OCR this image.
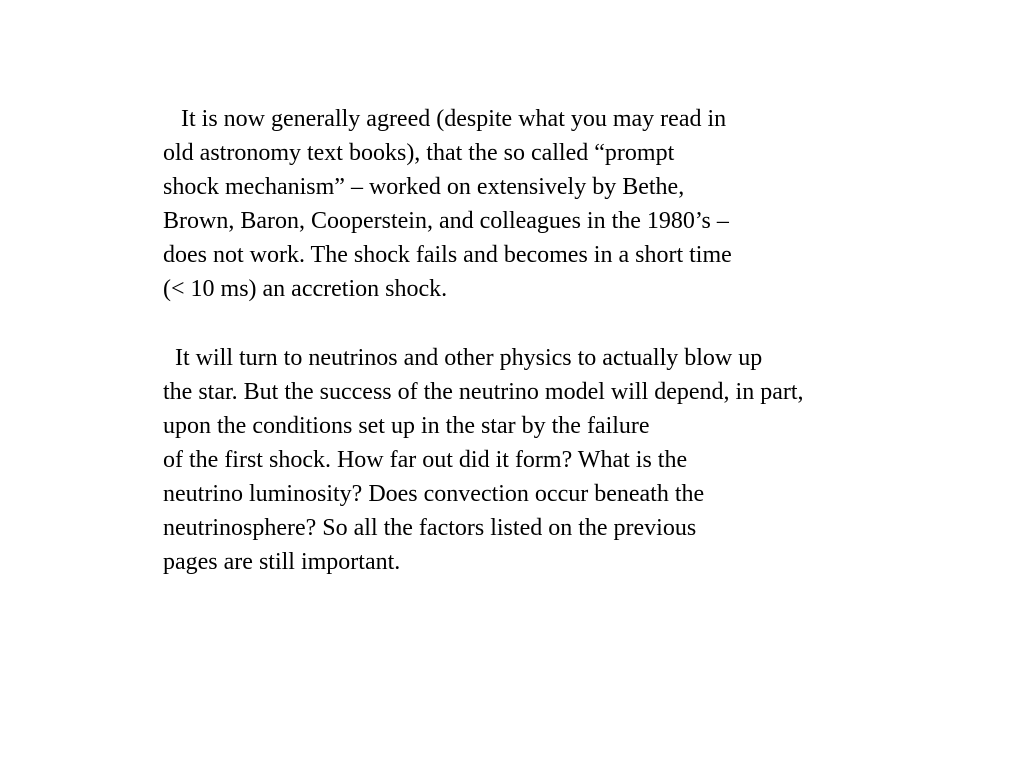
It is now generally agreed (despite what you may read in
old astronomy text books), that the so called “prompt
shock mechanism” – worked on extensively by Bethe,
Brown, Baron, Cooperstein, and colleagues in the 1980’s –
does not work. The shock fails and becomes in a short time
(< 10 ms) an accretion shock.
It will turn to neutrinos and other physics to actually blow up
the star. But the success of the neutrino model will depend, in part,
upon the conditions set up in the star by the failure
of the first shock. How far out did it form? What is the
neutrino luminosity? Does convection occur beneath the
neutrinosphere? So all the factors listed on the previous
pages are still important.
